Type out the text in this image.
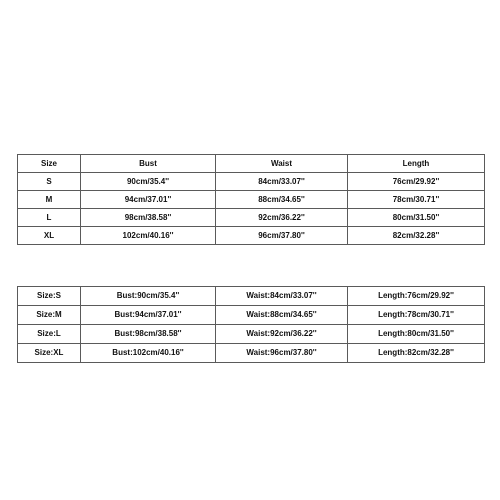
Size	Bust	Waist	Length
S	90cm/35.4''	84cm/33.07''	76cm/29.92''
M	94cm/37.01''	88cm/34.65''	78cm/30.71''
L	98cm/38.58''	92cm/36.22''	80cm/31.50''
XL	102cm/40.16''	96cm/37.80''	82cm/32.28''
Size:S	Bust:90cm/35.4''	Waist:84cm/33.07''	Length:76cm/29.92''
Size:M	Bust:94cm/37.01''	Waist:88cm/34.65''	Length:78cm/30.71''
Size:L	Bust:98cm/38.58''	Waist:92cm/36.22''	Length:80cm/31.50''
Size:XL	Bust:102cm/40.16''	Waist:96cm/37.80''	Length:82cm/32.28''
